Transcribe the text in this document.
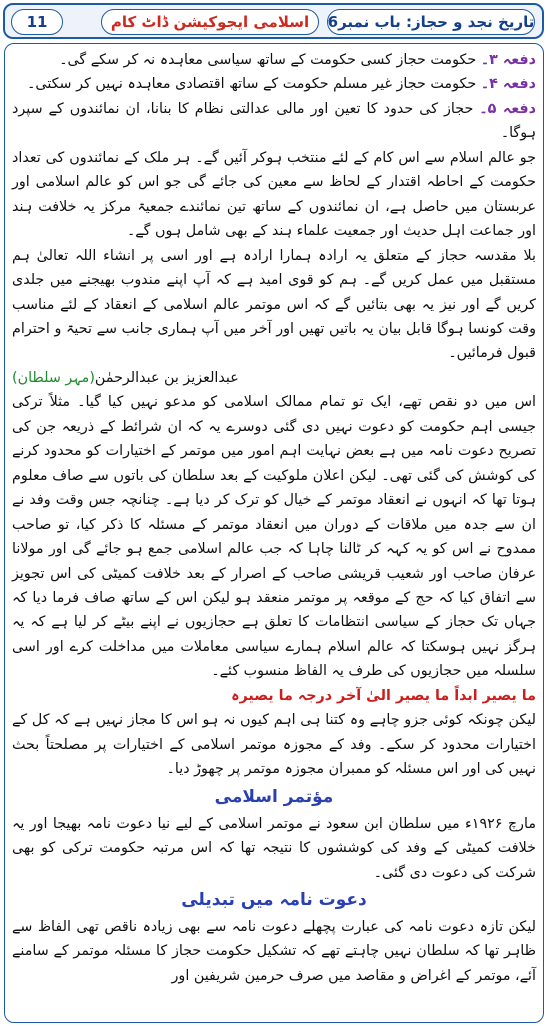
تاریخ نجد و حجاز: باب نمبر6
اسلامی ایجوکیشن ڈاٹ کام
11

دفعہ ۳۔ حکومت حجاز کسی حکومت کے ساتھ سیاسی معاہدہ نہ کر سکے گی۔

دفعہ ۴۔ حکومت حجاز غیر مسلم حکومت کے ساتھ اقتصادی معاہدہ نہیں کر سکتی۔

دفعہ ۵۔ حجاز کی حدود کا تعین اور مالی عدالتی نظام کا بنانا، ان نمائندوں کے سپرد ہوگا۔

جو عالم اسلام سے اس کام کے لئے منتخب ہوکر آئیں گے۔ ہر ملک کے نمائندوں کی تعداد حکومت کے احاطہ اقتدار کے لحاظ سے معین کی جائے گی جو اس کو عالم اسلامی اور عربستان میں حاصل ہے، ان نمائندوں کے ساتھ تین نمائندے جمعیۃ مرکز یہ خلافت ہند اور جماعت اہل حدیث اور جمعیت علماء ہند کے بھی شامل ہوں گے۔

بلا مقدسہ حجاز کے متعلق یہ ارادہ ہمارا ارادہ ہے اور اسی پر انشاء اللہ تعالیٰ ہم مستقبل میں عمل کریں گے۔ ہم کو قوی امید ہے کہ آپ اپنے مندوب بھیجنے میں جلدی کریں گے اور نیز یہ بھی بتائیں گے کہ اس موتمر عالم اسلامی کے انعقاد کے لئے مناسب وقت کونسا ہوگا قابل بیان یہ باتیں تھیں اور آخر میں آپ ہماری جانب سے تحیۃ و احترام قبول فرمائیں۔

عبدالعزیز بن عبدالرحمٰن(مہر سلطان)

اس میں دو نقص تھے، ایک تو تمام ممالک اسلامی کو مدعو نہیں کیا گیا۔ مثلاً ترکی جیسی اہم حکومت کو دعوت نہیں دی گئی دوسرے یہ کہ ان شرائط کے ذریعہ جن کی تصریح دعوت نامہ میں ہے بعض نہایت اہم امور میں موتمر کے اختیارات کو محدود کرنے کی کوشش کی گئی تھی۔ لیکن اعلان ملوکیت کے بعد سلطان کی باتوں سے صاف معلوم ہوتا تھا کہ انہوں نے انعقاد موتمر کے خیال کو ترک کر دیا ہے۔ چنانچہ جس وقت وفد نے ان سے جدہ میں ملاقات کے دوران میں انعقاد موتمر کے مسئلہ کا ذکر کیا، تو صاحب ممدوح نے اس کو یہ کہہ کر ٹالنا چاہا کہ جب عالم اسلامی جمع ہو جائے گی اور مولانا عرفان صاحب اور شعیب قریشی صاحب کے اصرار کے بعد خلافت کمیٹی کی اس تجویز سے اتفاق کیا کہ حج کے موقعہ پر موتمر منعقد ہو لیکن اس کے ساتھ صاف فرما دیا کہ جہاں تک حجاز کے سیاسی انتظامات کا تعلق ہے حجازیوں نے اپنے بیٹے کر لیا ہے کہ یہ ہرگز نہیں ہوسکتا کہ عالم اسلام ہمارے سیاسی معاملات میں مداخلت کرے اور اسی سلسلہ میں حجازیوں کی طرف یہ الفاظ منسوب کئے۔

ما یصیر ابداً ما یصیر الیٰ آخر درجہ ما یصیرہ

لیکن چونکہ کوئی جزو چاہے وہ کتنا ہی اہم کیوں نہ ہو اس کا مجاز نہیں ہے کہ کل کے اختیارات محدود کر سکے۔ وفد کے مجوزہ موتمر اسلامی کے اختیارات پر مصلحتاً بحث نہیں کی اور اس مسئلہ کو ممبران مجوزہ موتمر پر چھوڑ دیا۔

مؤتمر اسلامی

مارچ ۱۹۲۶ء میں سلطان ابن سعود نے موتمر اسلامی کے لیے نیا دعوت نامہ بھیجا اور یہ خلافت کمیٹی کے وفد کی کوششوں کا نتیجہ تھا کہ اس مرتبہ حکومت ترکی کو بھی شرکت کی دعوت دی گئی۔

دعوت نامہ میں تبدیلی

لیکن تازہ دعوت نامہ کی عبارت پچھلے دعوت نامہ سے بھی زیادہ ناقص تھی الفاظ سے ظاہر تھا کہ سلطان نہیں چاہتے تھے کہ تشکیل حکومت حجاز کا مسئلہ موتمر کے سامنے آئے، موتمر کے اغراض و مقاصد میں صرف حرمین شریفین اور
